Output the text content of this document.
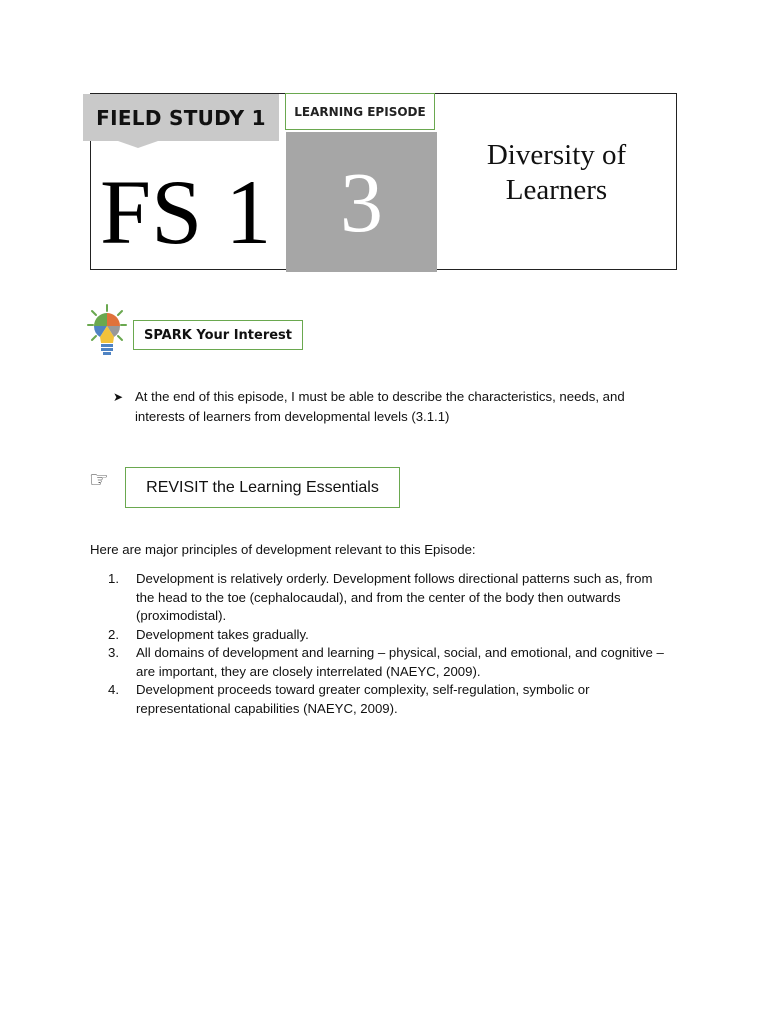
FIELD STUDY 1
FS 1
LEARNING EPISODE
3	Diversity of
Learners
SPARK Your Interest
➤ At the end of this episode, I must be able to describe the characteristics, needs, and interests of learners from developmental levels (3.1.1)
☞ REVISIT the Learning Essentials
Here are major principles of development relevant to this Episode:
1.	Development is relatively orderly. Development follows directional patterns such as, from the head to the toe (cephalocaudal), and from the center of the body then outwards (proximodistal).
2.	Development takes gradually.
3.	All domains of development and learning – physical, social, and emotional, and cognitive – are important, they are closely interrelated (NAEYC, 2009).
4.	Development proceeds toward greater complexity, self-regulation, symbolic or representational capabilities (NAEYC, 2009).
